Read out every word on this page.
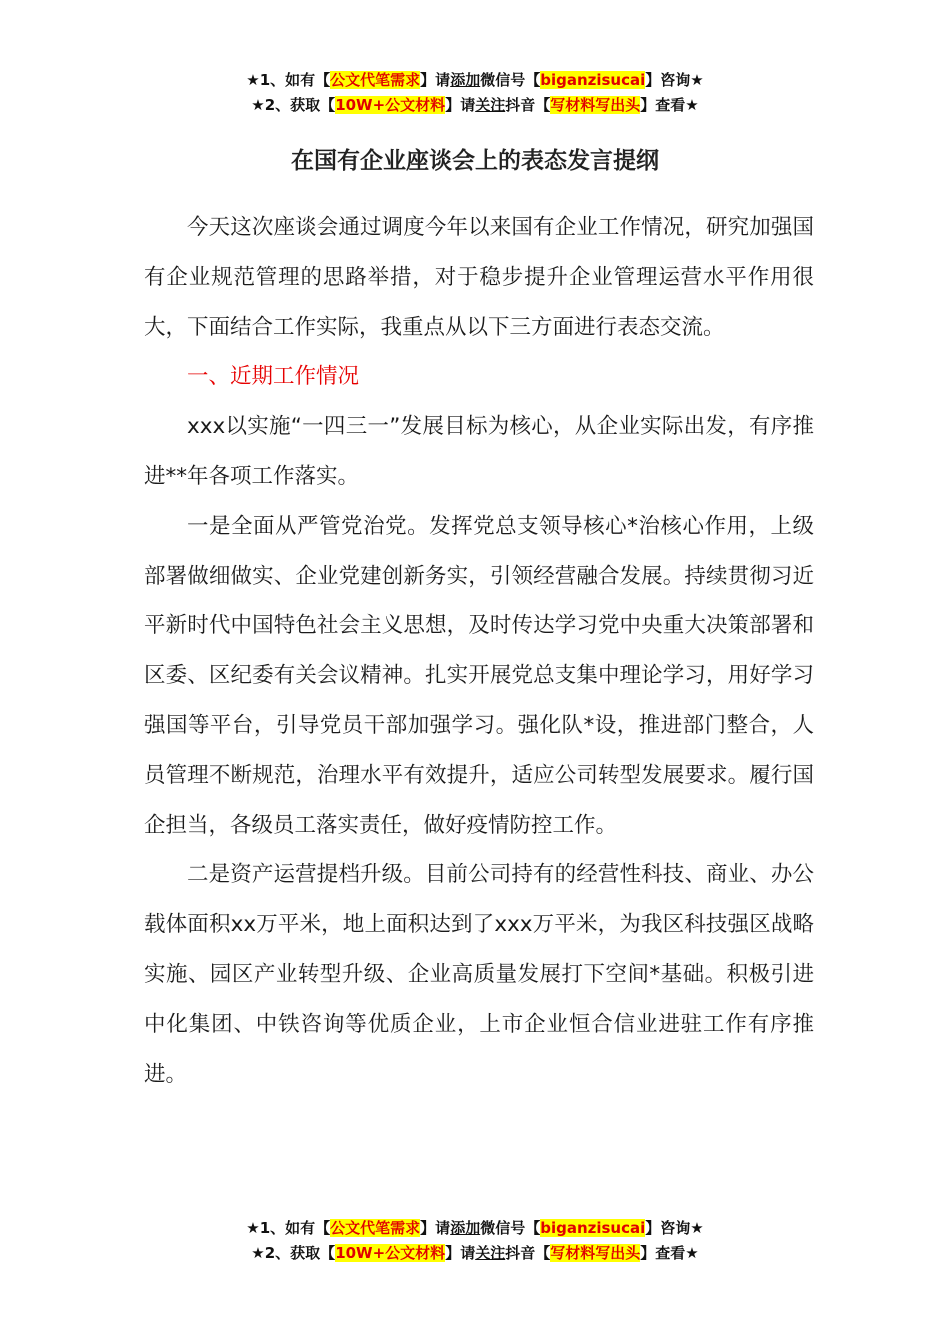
★1、如有【公文代笔需求】请添加微信号【biganzisucai】咨询★
★2、获取【10W+公文材料】请关注抖音【写材料写出头】查看★
在国有企业座谈会上的表态发言提纲

今天这次座谈会通过调度今年以来国有企业工作情况，研究加强国有企业规范管理的思路举措，对于稳步提升企业管理运营水平作用很大，下面结合工作实际，我重点从以下三方面进行表态交流。

一、近期工作情况

xxx以实施“一四三一”发展目标为核心，从企业实际出发，有序推进**年各项工作落实。

一是全面从严管党治党。发挥党总支领导核心*治核心作用，上级部署做细做实、企业党建创新务实，引领经营融合发展。持续贯彻习近平新时代中国特色社会主义思想，及时传达学习党中央重大决策部署和区委、区纪委有关会议精神。扎实开展党总支集中理论学习，用好学习强国等平台，引导党员干部加强学习。强化队*设，推进部门整合，人员管理不断规范，治理水平有效提升，适应公司转型发展要求。履行国企担当，各级员工落实责任，做好疫情防控工作。

二是资产运营提档升级。目前公司持有的经营性科技、商业、办公载体面积xx万平米，地上面积达到了xxx万平米，为我区科技强区战略实施、园区产业转型升级、企业高质量发展打下空间*基础。积极引进中化集团、中铁咨询等优质企业，上市企业恒合信业进驻工作有序推进。

★1、如有【公文代笔需求】请添加微信号【biganzisucai】咨询★
★2、获取【10W+公文材料】请关注抖音【写材料写出头】查看★
